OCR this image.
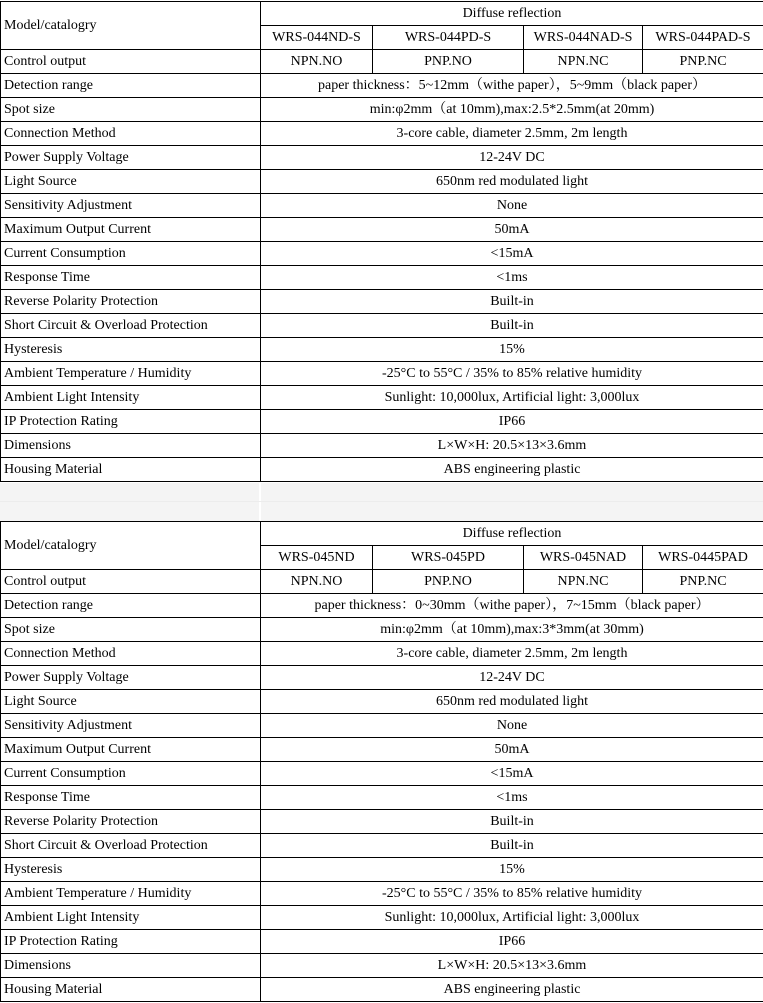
Model/catalogry	Diffuse reflection			
	WRS-044ND-S	WRS-044PD-S	WRS-044NAD-S	WRS-044PAD-S
Control output	NPN.NO	PNP.NO	NPN.NC	PNP.NC
Detection range	paper thickness：5~12mm（withe paper），5~9mm（black paper）			
Spot size	min:φ2mm（at 10mm),max:2.5*2.5mm(at 20mm)			
Connection Method	3-core cable, diameter 2.5mm, 2m length			
Power Supply Voltage	12-24V DC			
Light Source	650nm red modulated light			
Sensitivity Adjustment	None			
Maximum Output Current	50mA			
Current Consumption	<15mA			
Response Time	<1ms			
Reverse Polarity Protection	Built-in			
Short Circuit & Overload Protection	Built-in			
Hysteresis	15%			
Ambient Temperature / Humidity	-25°C to 55°C / 35% to 85% relative humidity			
Ambient Light Intensity	Sunlight: 10,000lux, Artificial light: 3,000lux			
IP Protection Rating	IP66			
Dimensions	L×W×H: 20.5×13×3.6mm			
Housing Material	ABS engineering plastic			
Model/catalogry	Diffuse reflection			
	WRS-045ND	WRS-045PD	WRS-045NAD	WRS-0445PAD
Control output	NPN.NO	PNP.NO	NPN.NC	PNP.NC
Detection range	paper thickness：0~30mm（withe paper），7~15mm（black paper）			
Spot size	min:φ2mm（at 10mm),max:3*3mm(at 30mm)			
Connection Method	3-core cable, diameter 2.5mm, 2m length			
Power Supply Voltage	12-24V DC			
Light Source	650nm red modulated light			
Sensitivity Adjustment	None			
Maximum Output Current	50mA			
Current Consumption	<15mA			
Response Time	<1ms			
Reverse Polarity Protection	Built-in			
Short Circuit & Overload Protection	Built-in			
Hysteresis	15%			
Ambient Temperature / Humidity	-25°C to 55°C / 35% to 85% relative humidity			
Ambient Light Intensity	Sunlight: 10,000lux, Artificial light: 3,000lux			
IP Protection Rating	IP66			
Dimensions	L×W×H: 20.5×13×3.6mm			
Housing Material	ABS engineering plastic			
